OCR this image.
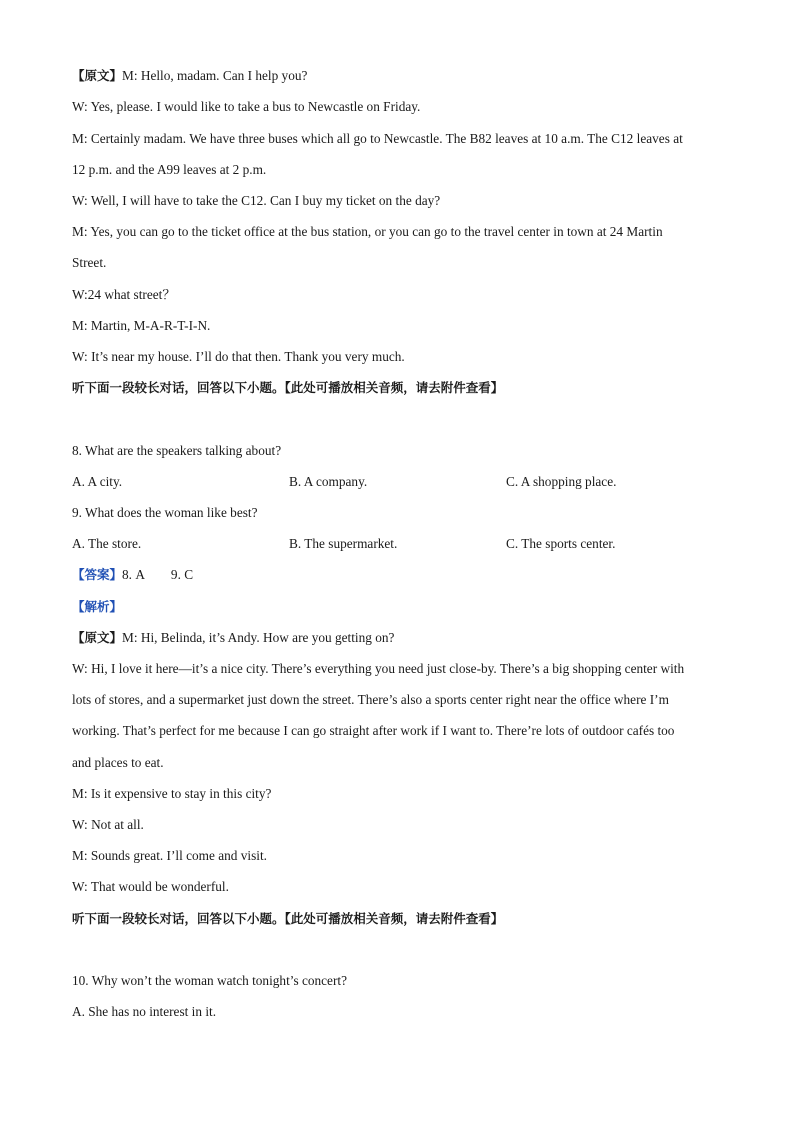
【原文】M: Hello, madam. Can I help you?

W: Yes, please. I would like to take a bus to Newcastle on Friday.

M: Certainly madam. We have three buses which all go to Newcastle. The B82 leaves at 10 a.m. The C12 leaves at

12 p.m. and the A99 leaves at 2 p.m.

W: Well, I will have to take the C12. Can I buy my ticket on the day?

M: Yes, you can go to the ticket office at the bus station, or you can go to the travel center in town at 24 Martin

Street.

W:24 what street？

M: Martin, M-A-R-T-I-N.

W: It’s near my house. I’ll do that then. Thank you very much.

听下面一段较长对话，回答以下小题。【此处可播放相关音频，请去附件查看】

8. What are the speakers talking about?

A. A city.	B. A company.	C. A shopping place.

9. What does the woman like best?

A. The store.	B. The supermarket.	C. The sports center.

【答案】8. A 9. C

【解析】

【原文】M: Hi, Belinda, it’s Andy. How are you getting on?

W: Hi, I love it here—it’s a nice city. There’s everything you need just close-by. There’s a big shopping center with

lots of stores, and a supermarket just down the street. There’s also a sports center right near the office where I’m

working. That’s perfect for me because I can go straight after work if I want to. There’re lots of outdoor cafés too

and places to eat.

M: Is it expensive to stay in this city?

W: Not at all.

M: Sounds great. I’ll come and visit.

W: That would be wonderful.

听下面一段较长对话，回答以下小题。【此处可播放相关音频，请去附件查看】

10. Why won’t the woman watch tonight’s concert?

A. She has no interest in it.
